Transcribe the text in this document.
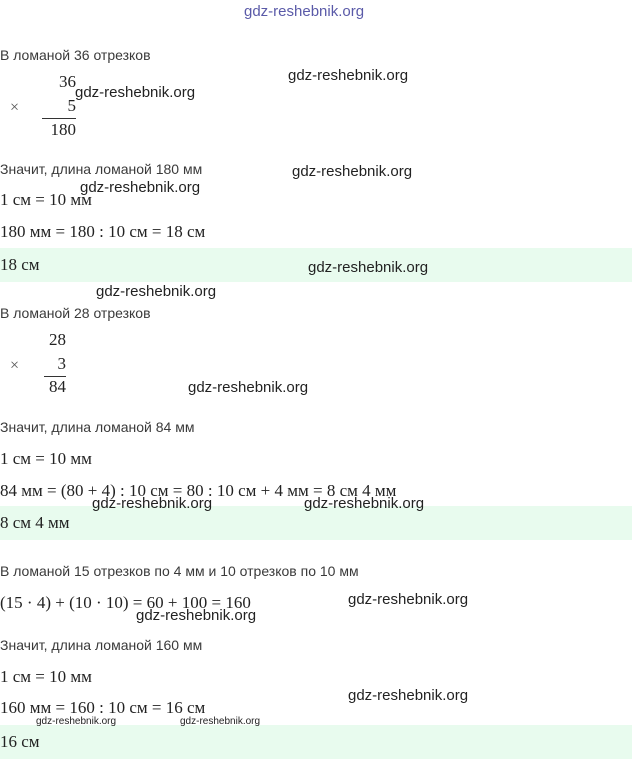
gdz-reshebnik.org
В ломаной 36 отрезков
×
36
5
180
Значит, длина ломаной 180 мм
1 см = 10 мм
180 мм = 180 : 10 см = 18 см
18 см
В ломаной 28 отрезков
×
28
3
84
Значит, длина ломаной 84 мм
1 см = 10 мм
84 мм = (80 + 4) : 10 см = 80 : 10 см + 4 мм = 8 см 4 мм
8 см 4 мм
В ломаной 15 отрезков по 4 мм и 10 отрезков по 10 мм
(15 · 4) + (10 · 10) = 60 + 100 = 160
Значит, длина ломаной 160 мм
1 см = 10 мм
160 мм = 160 : 10 см = 16 см
16 см
gdz-reshebnik.org
gdz-reshebnik.org
gdz-reshebnik.org
gdz-reshebnik.org
gdz-reshebnik.org
gdz-reshebnik.org
gdz-reshebnik.org
gdz-reshebnik.org	gdz-reshebnik.org
gdz-reshebnik.org
gdz-reshebnik.org
gdz-reshebnik.org
gdz-reshebnik.org	gdz-reshebnik.org
